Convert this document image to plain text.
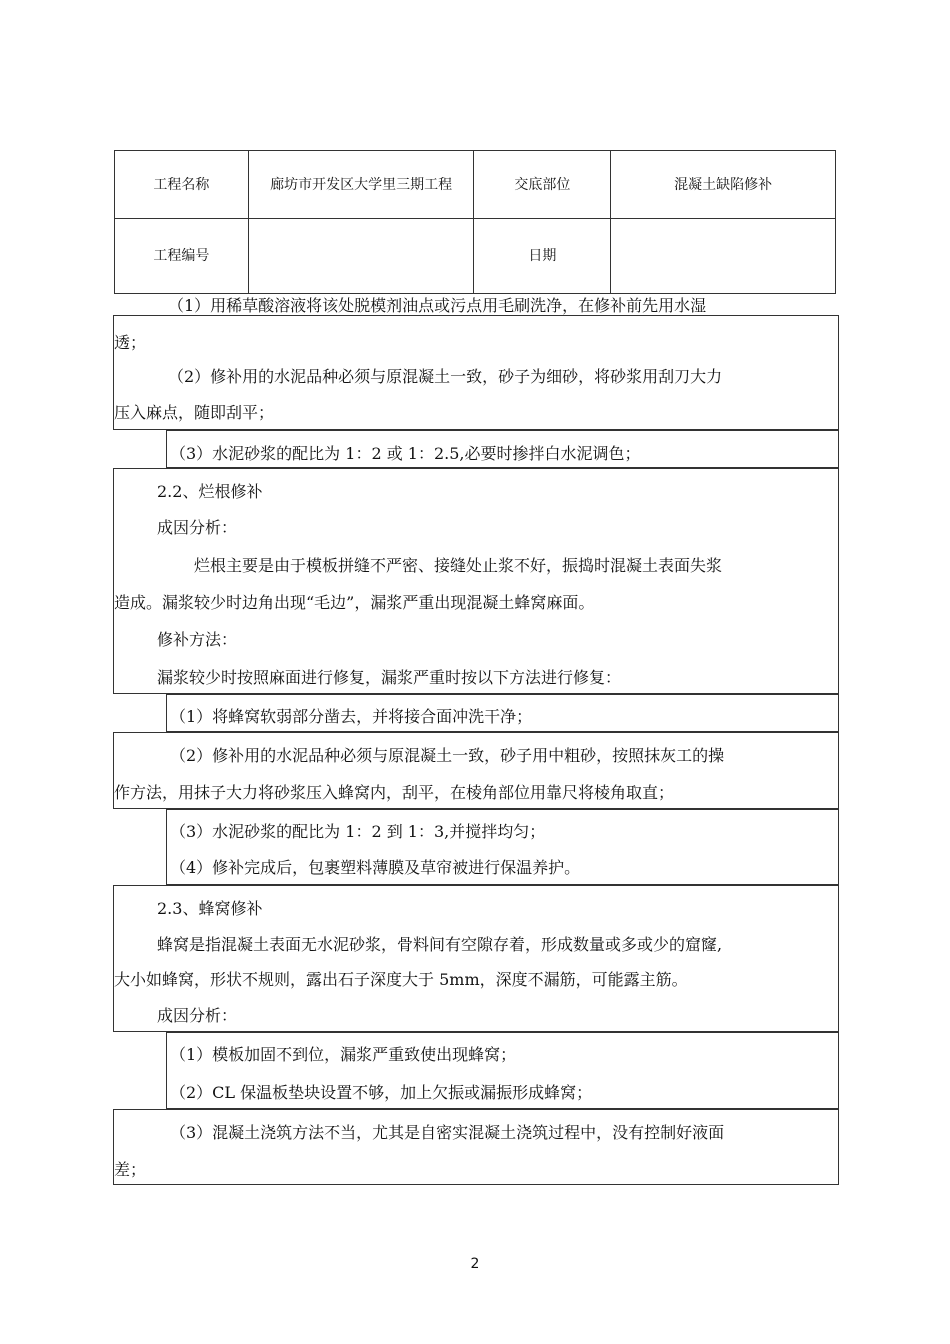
工程名称	廊坊市开发区大学里三期工程	交底部位	混凝土缺陷修补
工程编号		日期	
（1）用稀草酸溶液将该处脱模剂油点或污点用毛刷洗净，在修补前先用水湿
透；
（2）修补用的水泥品种必须与原混凝土一致，砂子为细砂，将砂浆用刮刀大力
压入麻点，随即刮平；
（3）水泥砂浆的配比为 1：2 或 1：2.5,必要时掺拌白水泥调色；
2.2、烂根修补
成因分析：
烂根主要是由于模板拼缝不严密、接缝处止浆不好，振捣时混凝土表面失浆
造成。漏浆较少时边角出现“毛边”，漏浆严重出现混凝土蜂窝麻面。
修补方法：
漏浆较少时按照麻面进行修复，漏浆严重时按以下方法进行修复：
（1）将蜂窝软弱部分凿去，并将接合面冲洗干净；
（2）修补用的水泥品种必须与原混凝土一致，砂子用中粗砂，按照抹灰工的操
作方法，用抹子大力将砂浆压入蜂窝内，刮平，在棱角部位用靠尺将棱角取直；
（3）水泥砂浆的配比为 1：2 到 1：3,并搅拌均匀；
（4）修补完成后，包裹塑料薄膜及草帘被进行保温养护。
2.3、蜂窝修补
蜂窝是指混凝土表面无水泥砂浆，骨料间有空隙存着，形成数量或多或少的窟窿,
大小如蜂窝，形状不规则，露出石子深度大于 5mm，深度不漏筋，可能露主筋。
成因分析：
（1）模板加固不到位，漏浆严重致使出现蜂窝；
（2）CL 保温板垫块设置不够，加上欠振或漏振形成蜂窝；
（3）混凝土浇筑方法不当，尤其是自密实混凝土浇筑过程中，没有控制好液面
差；
2
